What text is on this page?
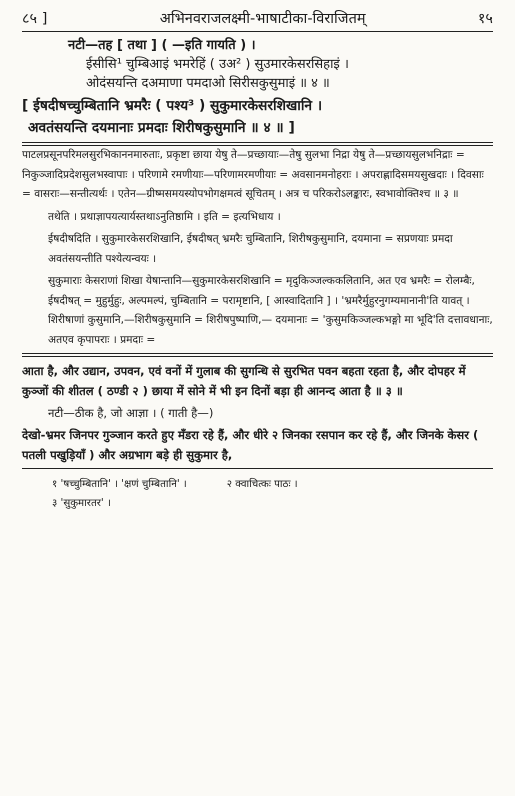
८५ ]	अभिनवराजलक्ष्मी-भाषाटीका-विराजितम्	१५
नटी—तह [ तथा ] ( —इति गायति ) ।
ईसीसि¹ चुम्बिआइं भमरेहिं ( उअ² ) सुउमारकेसरसिहाइं ।
ओदंसयन्ति दअमाणा पमदाओ सिरीसकुसुमाइं ॥ ४ ॥
[ ईषदीषच्चुम्बितानि भ्रमरैः ( पश्य³ ) सुकुमारकेसरशिखानि ।
अवतंसयन्ति दयमानाः प्रमदाः शिरीषकुसुमानि ॥ ४ ॥ ]

पाटलप्रसूनपरिमलसुरभिकाननमारुताः, प्रकृष्टा छाया येषु ते—प्रच्छायाः—तेषु सुलभा निद्रा येषु ते—प्रच्छायसुलभनिद्राः = निकुञ्जादिप्रदेशसुलभस्वापाः । परिणामे रमणीयाः—परिणामरमणीयाः = अवसानमनोहराः । अपराह्णादिसमयसुखदाः । दिवसाः = वासराः—सन्तीत्यर्थः । एतेन—ग्रीष्मसमयस्योपभोगक्षमत्वं सूचितम् । अत्र च परिकरोऽलङ्कारः, स्वभावोक्तिश्च ॥ ३ ॥

तथेति । प्रथाज्ञापयत्यार्यस्तथाऽनुतिष्ठामि । इति = इत्यभिधाय ।

ईषदीषदिति । सुकुमारकेसरशिखानि, ईषदीषत् भ्रमरैः चुम्बितानि, शिरीषकुसुमानि, दयमाना = सप्रणयाः प्रमदा अवतंसयन्तीति पश्येत्यन्वयः ।

सुकुमाराः केसराणां शिखा येषान्तानि—सुकुमारकेसरशिखानि = मृदुकिञ्जल्ककलितानि, अत एव भ्रमरैः = रोलम्बैः, ईषदीषत् = मुहुर्मुहुः, अल्पमल्पं, चुम्बितानि = परामृष्टानि, [ आस्वादितानि ] । 'भ्रमरैर्मुहुरनुगम्यमानानी'ति यावत् । शिरीषाणां कुसुमानि,—शिरीषकुसुमानि = शिरीषपुष्पाणि,— दयमानाः = 'कुसुमकिञ्जल्कभङ्गो मा भूदि'ति दत्तावधानाः, अतएव कृपापराः । प्रमदाः =

आता है, और उद्यान, उपवन, एवं वनों में गुलाब की सुगन्धि से सुरभित पवन बहता रहता है, और दोपहर में कुञ्जों की शीतल ( ठण्डी २ ) छाया में सोने में भी इन दिनों बड़ा ही आनन्द आता है ॥ ३ ॥

नटी—ठीक है, जो आज्ञा । ( गाती है—)

देखो-भ्रमर जिनपर गुञ्जान करते हुए मँडरा रहे हैं, और धीरे २ जिनका रसपान कर रहे हैं, और जिनके केसर ( पतली पखुड़ियाँ ) और अग्रभाग बड़े ही सुकुमार है,

१ 'षच्चुम्बितानि' । 'क्षणं चुम्बितानि' ।	२ क्वाचित्कः पाठः ।
३ 'सुकुमारतर' ।
